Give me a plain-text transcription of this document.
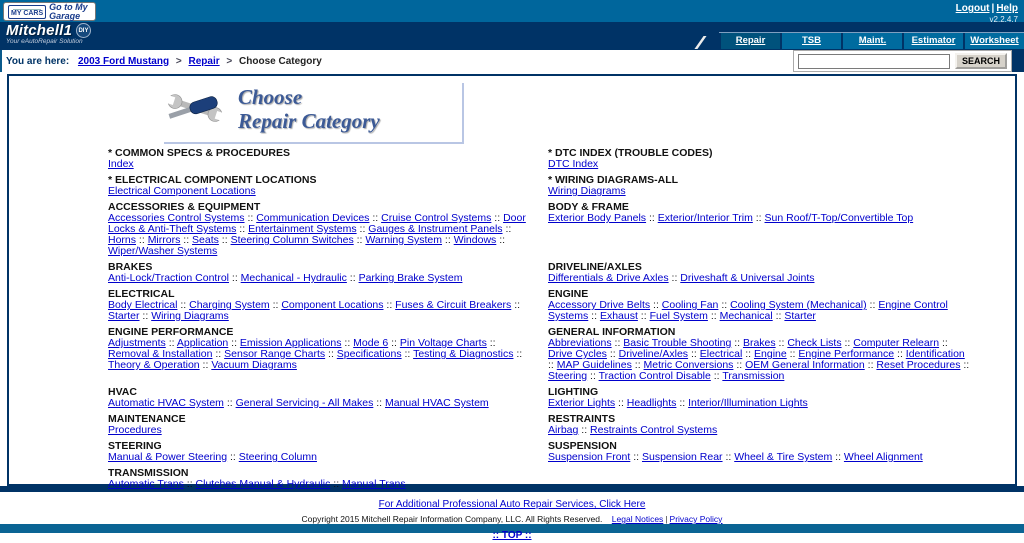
MY CARS
Go to My Garage
Logout | Help
v2.2.4.7
Mitchell1	DIY
Your eAutoRepair Solution	Repair	TSB	Maint.	Estimator	Worksheet
You are here: 2003 Ford Mustang > Repair > Choose Category	SEARCH
Choose
Repair Category
* COMMON SPECS & PROCEDURES
Index
* DTC INDEX (TROUBLE CODES)
DTC Index
* ELECTRICAL COMPONENT LOCATIONS
Electrical Component Locations
* WIRING DIAGRAMS-ALL
Wiring Diagrams
ACCESSORIES & EQUIPMENT
Accessories Control Systems :: Communication Devices :: Cruise Control Systems :: Door Locks & Anti-Theft Systems :: Entertainment Systems :: Gauges & Instrument Panels :: Horns :: Mirrors :: Seats :: Steering Column Switches :: Warning System :: Windows :: Wiper/Washer Systems
BODY & FRAME
Exterior Body Panels :: Exterior/Interior Trim :: Sun Roof/T-Top/Convertible Top
BRAKES
Anti-Lock/Traction Control :: Mechanical - Hydraulic :: Parking Brake System
DRIVELINE/AXLES
Differentials & Drive Axles :: Driveshaft & Universal Joints
ELECTRICAL
Body Electrical :: Charging System :: Component Locations :: Fuses & Circuit Breakers :: Starter :: Wiring Diagrams
ENGINE
Accessory Drive Belts :: Cooling Fan :: Cooling System (Mechanical) :: Engine Control Systems :: Exhaust :: Fuel System :: Mechanical :: Starter
ENGINE PERFORMANCE
Adjustments :: Application :: Emission Applications :: Mode 6 :: Pin Voltage Charts :: Removal & Installation :: Sensor Range Charts :: Specifications :: Testing & Diagnostics :: Theory & Operation :: Vacuum Diagrams
GENERAL INFORMATION
Abbreviations :: Basic Trouble Shooting :: Brakes :: Check Lists :: Computer Relearn :: Drive Cycles :: Driveline/Axles :: Electrical :: Engine :: Engine Performance :: Identification :: MAP Guidelines :: Metric Conversions :: OEM General Information :: Reset Procedures :: Steering :: Traction Control Disable :: Transmission
HVAC
Automatic HVAC System :: General Servicing - All Makes :: Manual HVAC System
LIGHTING
Exterior Lights :: Headlights :: Interior/Illumination Lights
MAINTENANCE
Procedures
RESTRAINTS
Airbag :: Restraints Control Systems
STEERING
Manual & Power Steering :: Steering Column
SUSPENSION
Suspension Front :: Suspension Rear :: Wheel & Tire System :: Wheel Alignment
TRANSMISSION
Automatic Trans :: Clutches Manual & Hydraulic :: Manual Trans
For Additional Professional Auto Repair Services, Click Here
Copyright 2015 Mitchell Repair Information Company, LLC. All Rights Reserved. Legal Notices | Privacy Policy
:: TOP ::
